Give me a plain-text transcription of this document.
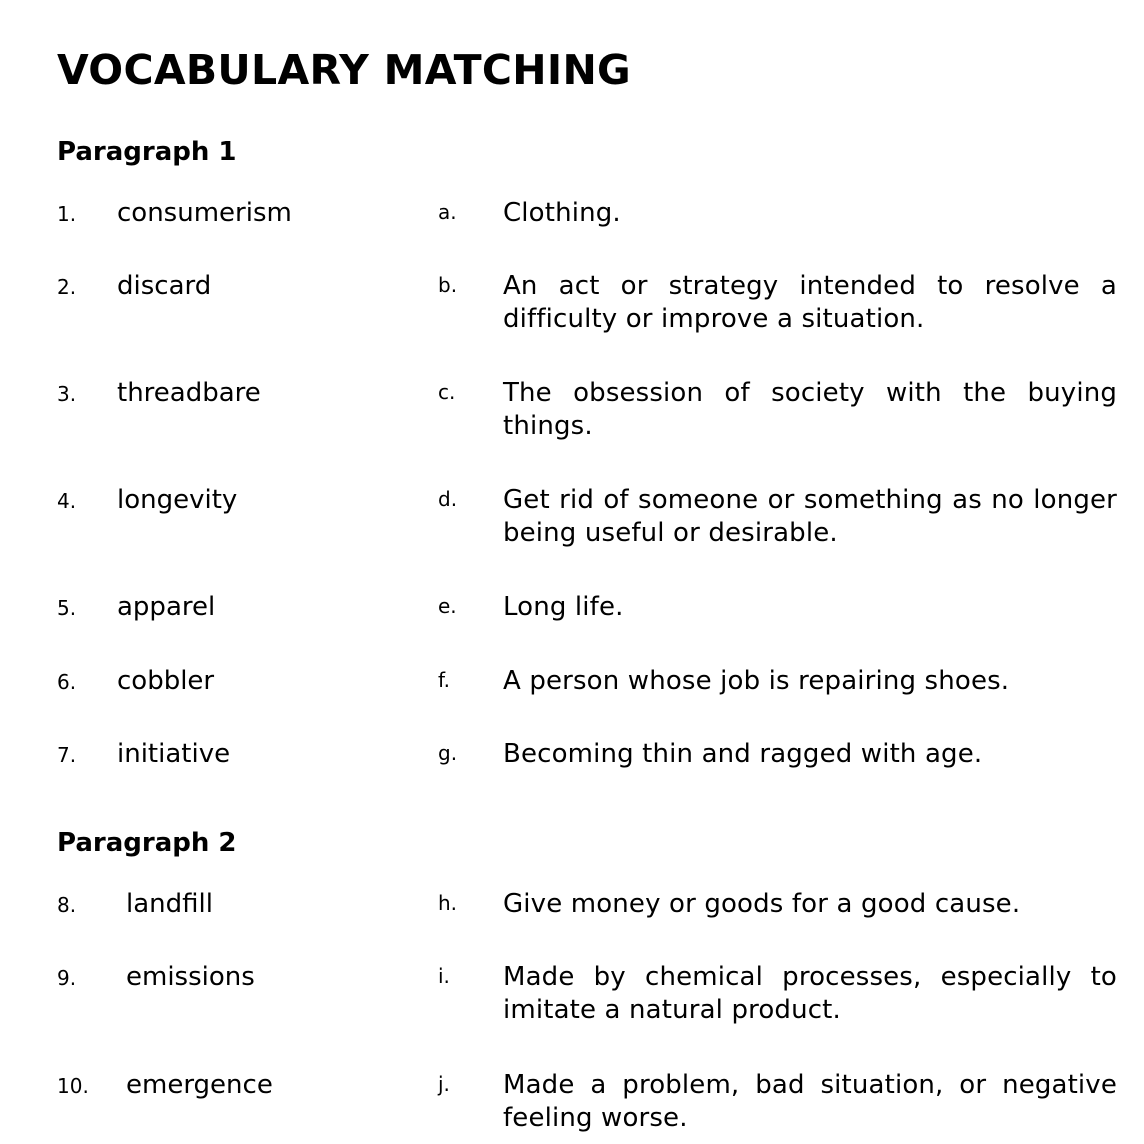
VOCABULARY MATCHING
Paragraph 1
1. consumerism	a. Clothing.
2. discard	b. An act or strategy intended to resolve a difficulty or improve a situation.
3. threadbare	c. The obsession of society with the buying things.
4. longevity	d. Get rid of someone or something as no longer being useful or desirable.
5. apparel	e. Long life.
6. cobbler	f. A person whose job is repairing shoes.
7. initiative	g. Becoming thin and ragged with age.
Paragraph 2
8. landfill	h. Give money or goods for a good cause.
9. emissions	i. Made by chemical processes, especially to imitate a natural product.
10. emergence	j. Made a problem, bad situation, or negative feeling worse.
